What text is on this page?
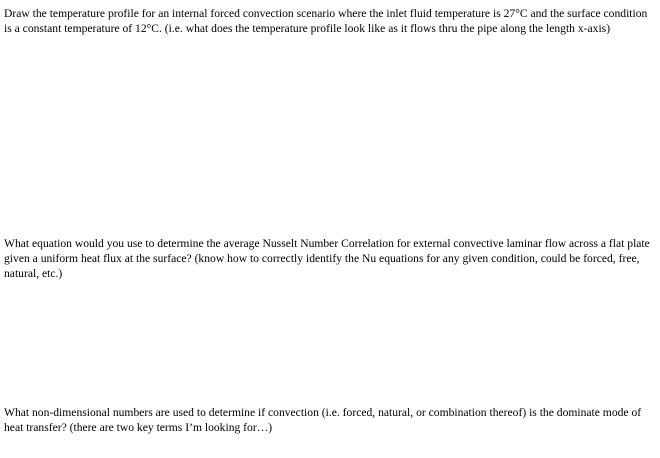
Draw the temperature profile for an internal forced convection scenario where the inlet fluid temperature is 27°C and the surface condition is a constant temperature of 12°C. (i.e. what does the temperature profile look like as it flows thru the pipe along the length x-axis)

What equation would you use to determine the average Nusselt Number Correlation for external convective laminar flow across a flat plate given a uniform heat flux at the surface? (know how to correctly identify the Nu equations for any given condition, could be forced, free, natural, etc.)

What non-dimensional numbers are used to determine if convection (i.e. forced, natural, or combination thereof) is the dominate mode of heat transfer? (there are two key terms I’m looking for…)
